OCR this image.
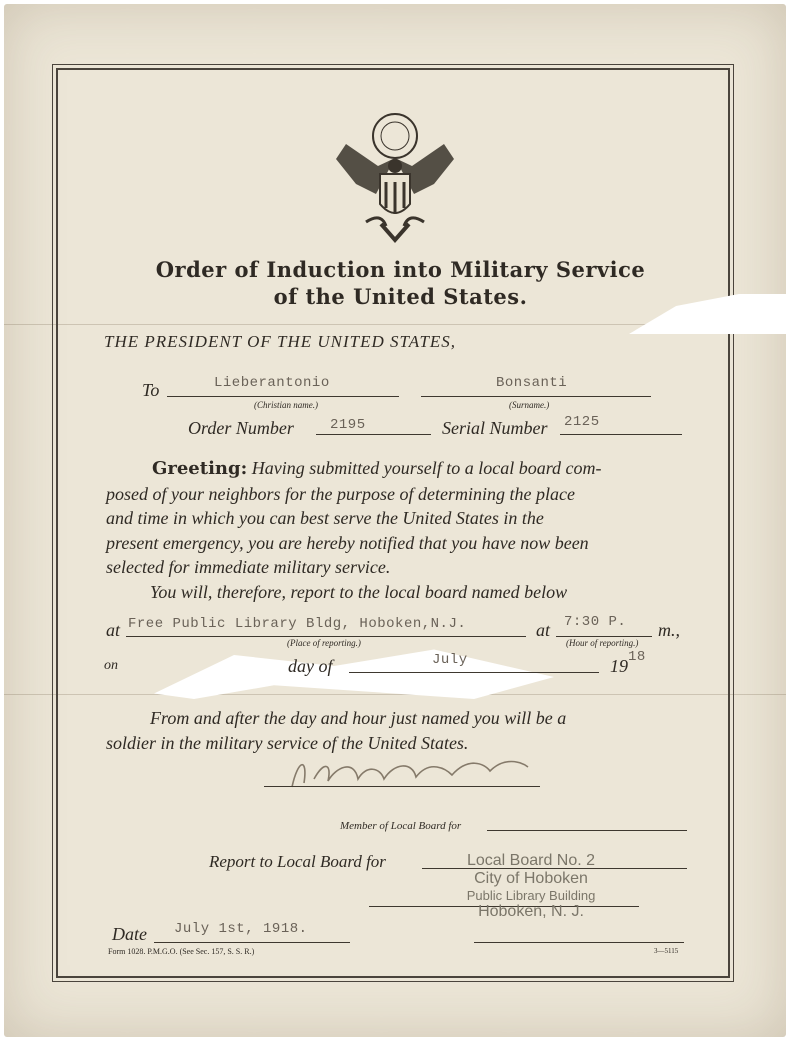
Order of Induction into Military Service
of the United States.
THE PRESIDENT OF THE UNITED STATES,
To	Lieberantonio
(Christian name.)
Bonsanti
(Surname.)
Order Number	2195	Serial Number 2125
Greeting: Having submitted yourself to a local board com-
posed of your neighbors for the purpose of determining the place
and time in which you can best serve the United States in the
present emergency, you are hereby notified that you have now been
selected for immediate military service.
You will, therefore, report to the local board named below
at Free Public Library Bldg, Hoboken,N.J.
(Place of reporting.)
at 7:30 P. m.,
(Hour of reporting.)
on	day of	July	19 18
From and after the day and hour just named you will be a
soldier in the military service of the United States.
Member of Local Board for
Report to Local Board for	Local Board No. 2
City of Hoboken
Public Library Building
Hoboken, N. J.
Date July 1st, 1918.
Form 1028. P.M.G.O. (See Sec. 157, S. S. R.)	3—5115
